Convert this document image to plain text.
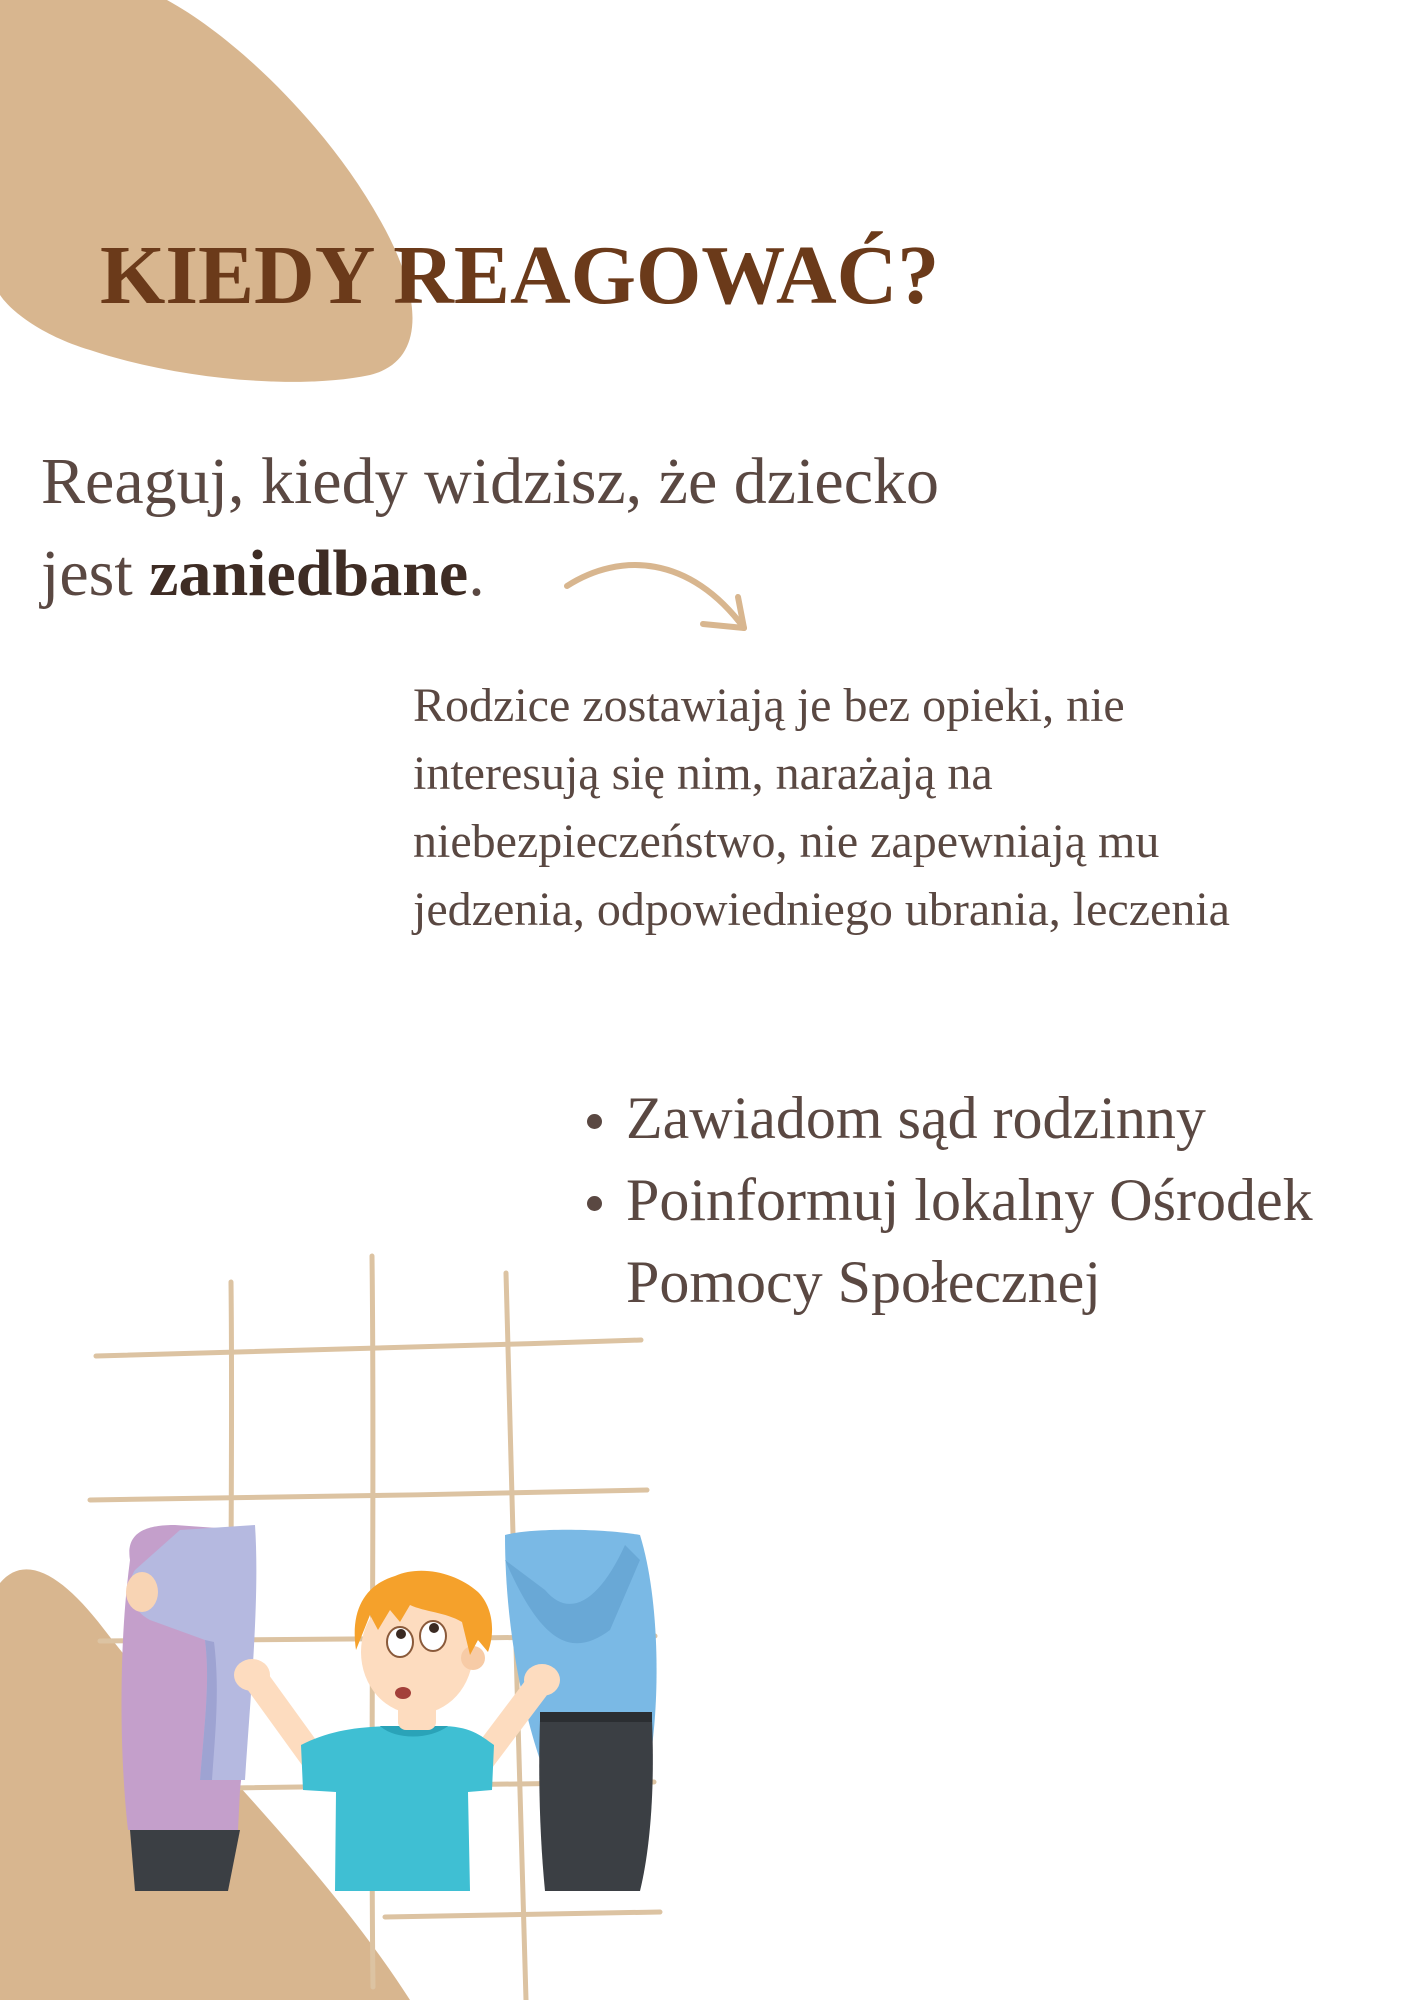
KIEDY REAGOWAĆ?
Reaguj, kiedy widzisz, że dziecko
jest zaniedbane.
Rodzice zostawiają je bez opieki, nie
interesują się nim, narażają na
niebezpieczeństwo, nie zapewniają mu
jedzenia, odpowiedniego ubrania, leczenia
Zawiadom sąd rodzinny
Poinformuj lokalny Ośrodek Pomocy Społecznej
